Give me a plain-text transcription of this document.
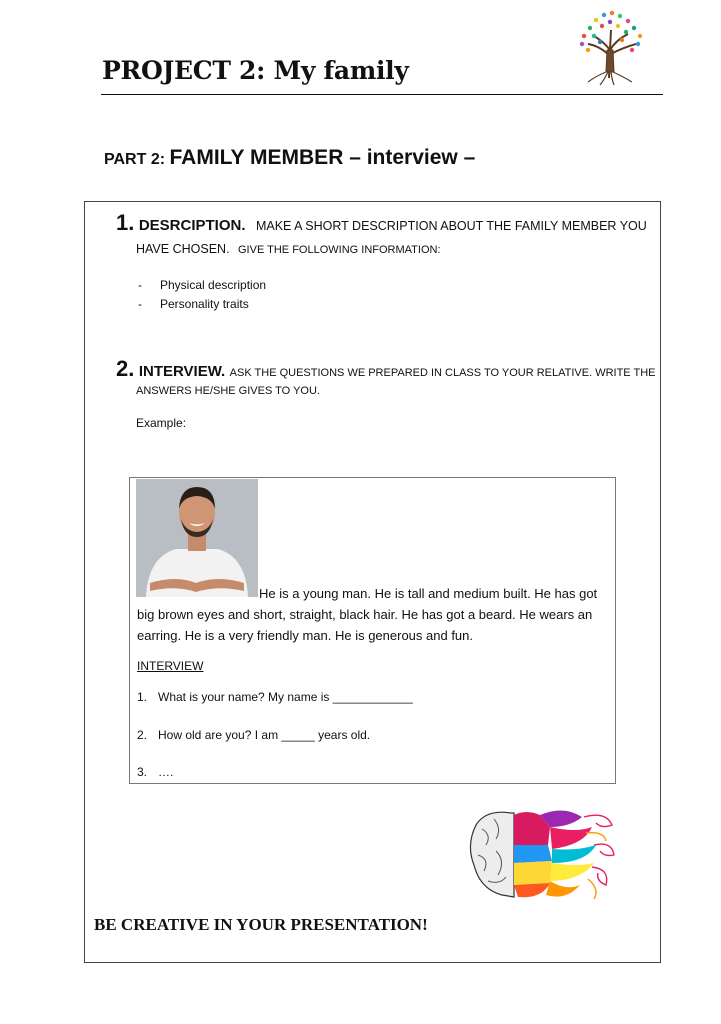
PROJECT 2: My family
PART 2: FAMILY MEMBER – interview –
1. DESRCIPTION. MAKE A SHORT DESCRIPTION ABOUT THE FAMILY MEMBER YOU
HAVE CHOSEN. GIVE THE FOLLOWING INFORMATION:
- Physical description
- Personality traits
2. INTERVIEW. ASK THE QUESTIONS WE PREPARED IN CLASS TO YOUR RELATIVE. WRITE THE
ANSWERS HE/SHE GIVES TO YOU.
Example:
He is a young man. He is tall and medium built. He has got
big brown eyes and short, straight, black hair. He has got a beard. He wears an
earring. He is a very friendly man. He is generous and fun.
INTERVIEW
1. What is your name? My name is ____________
2. How old are you? I am _____ years old.
3. ….
BE CREATIVE IN YOUR PRESENTATION!
